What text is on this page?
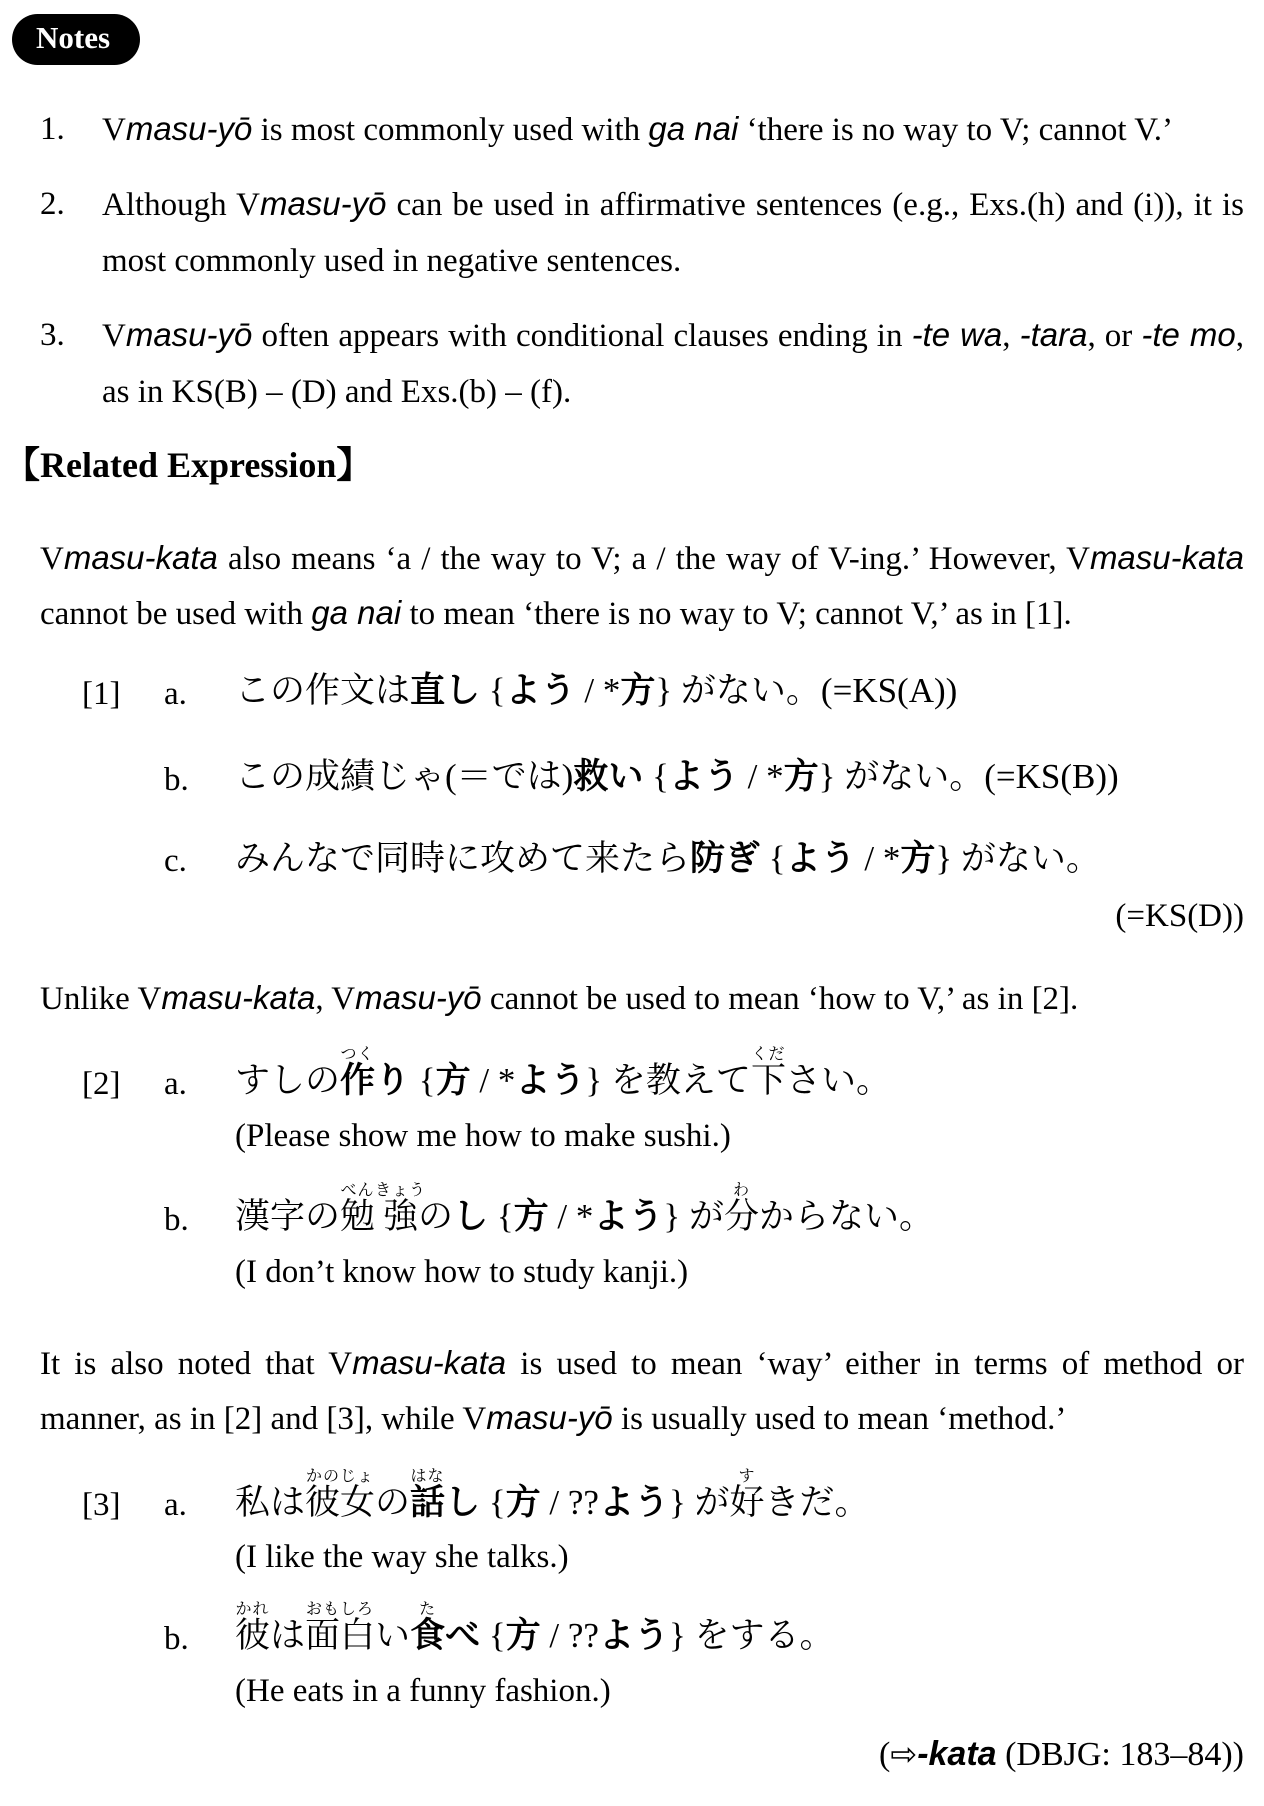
Notes
1.	Vmasu-yō is most commonly used with ga nai ‘there is no way to V; cannot V.’
2.	Although Vmasu-yō can be used in affirmative sentences (e.g., Exs.(h) and (i)), it is most commonly used in negative sentences.
3.	Vmasu-yō often appears with conditional clauses ending in -te wa, -tara, or -te mo, as in KS(B) – (D) and Exs.(b) – (f).
【Related Expression】
Vmasu-kata also means ‘a / the way to V; a / the way of V-ing.’ However, Vmasu-kata cannot be used with ga nai to mean ‘there is no way to V; cannot V,’ as in [1].
[1]	a.	この作文は直し {よう / *方} がない。(=KS(A))
b.	この成績じゃ(＝では)救い {よう / *方} がない。(=KS(B))
c.	みんなで同時に攻めて来たら防ぎ {よう / *方} がない。
(=KS(D))
Unlike Vmasu-kata, Vmasu-yō cannot be used to mean ‘how to V,’ as in [2].
[2]	a.	すしの作つくり {方 / *よう} を教えて下ください。
(Please show me how to make sushi.)
b.	漢字の勉べん強きょうのし {方 / *よう} が分わからない。
(I don’t know how to study kanji.)
It is also noted that Vmasu-kata is used to mean ‘way’ either in terms of method or manner, as in [2] and [3], while Vmasu-yō is usually used to mean ‘method.’
[3]	a.	私は彼女かのじょの話はなし {方 / ??よう} が好すきだ。
(I like the way she talks.)
b.	彼かれは面白おもしろい食たべ {方 / ??よう} をする。
(He eats in a funny fashion.)
(⇨-kata (DBJG: 183–84))
